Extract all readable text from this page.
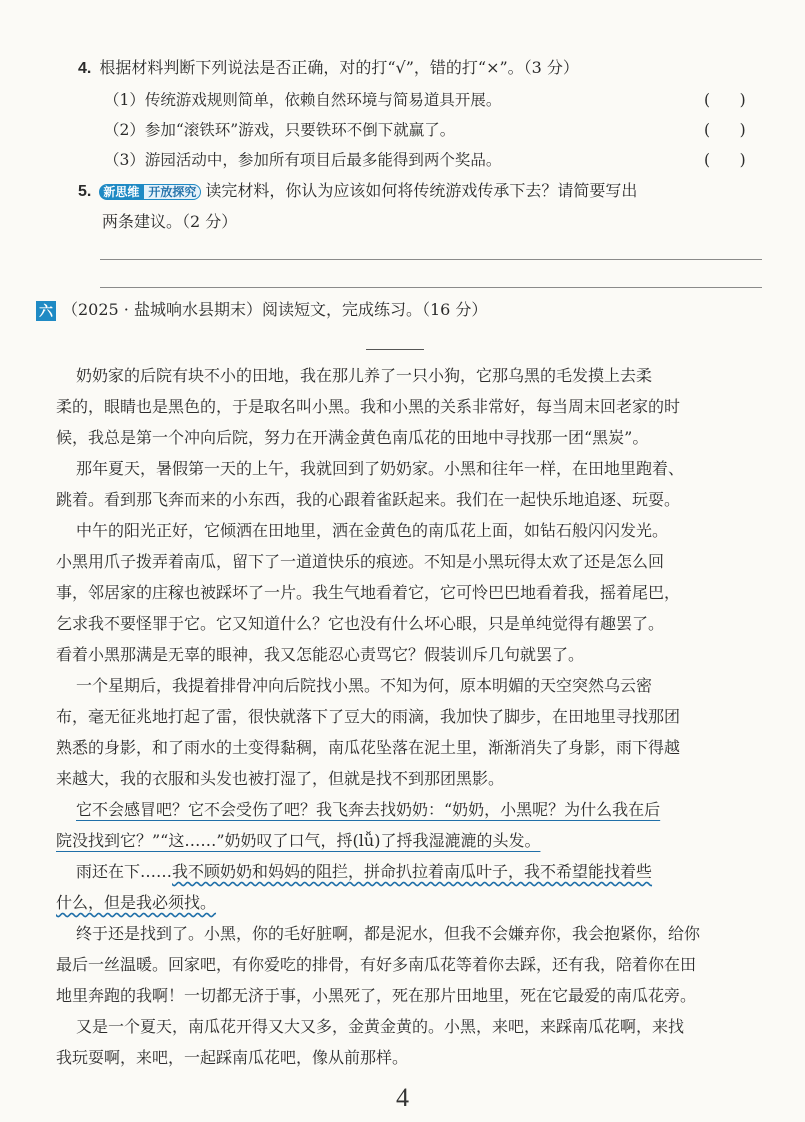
4. 根据材料判断下列说法是否正确，对的打“√”，错的打“×”。（3 分）
（1）传统游戏规则简单，依赖自然环境与简易道具开展。	(      )
（2）参加“滚铁环”游戏，只要铁环不倒下就赢了。	(      )
（3）游园活动中，参加所有项目后最多能得到两个奖品。	(      )
5. 新思维 开放探究 读完材料，你认为应该如何将传统游戏传承下去？请简要写出
两条建议。（2 分）
六 （2025 · 盐城响水县期末）阅读短文，完成练习。（16 分）
奶奶家的后院有块不小的田地，我在那儿养了一只小狗，它那乌黑的毛发摸上去柔
柔的，眼睛也是黑色的，于是取名叫小黑。我和小黑的关系非常好，每当周末回老家的时
候，我总是第一个冲向后院，努力在开满金黄色南瓜花的田地中寻找那一团“黑炭”。
那年夏天，暑假第一天的上午，我就回到了奶奶家。小黑和往年一样，在田地里跑着、
跳着。看到那飞奔而来的小东西，我的心跟着雀跃起来。我们在一起快乐地追逐、玩耍。
中午的阳光正好，它倾洒在田地里，洒在金黄色的南瓜花上面，如钻石般闪闪发光。
小黑用爪子拨弄着南瓜，留下了一道道快乐的痕迹。不知是小黑玩得太欢了还是怎么回
事，邻居家的庄稼也被踩坏了一片。我生气地看着它，它可怜巴巴地看着我，摇着尾巴，
乞求我不要怪罪于它。它又知道什么？它也没有什么坏心眼，只是单纯觉得有趣罢了。
看着小黑那满是无辜的眼神，我又怎能忍心责骂它？假装训斥几句就罢了。
一个星期后，我提着排骨冲向后院找小黑。不知为何，原本明媚的天空突然乌云密
布，毫无征兆地打起了雷，很快就落下了豆大的雨滴，我加快了脚步，在田地里寻找那团
熟悉的身影，和了雨水的土变得黏稠，南瓜花坠落在泥土里，渐渐消失了身影，雨下得越
来越大，我的衣服和头发也被打湿了，但就是找不到那团黑影。
它不会感冒吧？它不会受伤了吧？我飞奔去找奶奶：“奶奶，小黑呢？为什么我在后
院没找到它？”“这……”奶奶叹了口气，捋(lǚ)了捋我湿漉漉的头发。
雨还在下……我不顾奶奶和妈妈的阻拦，拼命扒拉着南瓜叶子，我不希望能找着些
什么，但是我必须找。
终于还是找到了。小黑，你的毛好脏啊，都是泥水，但我不会嫌弃你，我会抱紧你，给你
最后一丝温暖。回家吧，有你爱吃的排骨，有好多南瓜花等着你去踩，还有我，陪着你在田
地里奔跑的我啊！一切都无济于事，小黑死了，死在那片田地里，死在它最爱的南瓜花旁。
又是一个夏天，南瓜花开得又大又多，金黄金黄的。小黑，来吧，来踩南瓜花啊，来找
我玩耍啊，来吧，一起踩南瓜花吧，像从前那样。
4
